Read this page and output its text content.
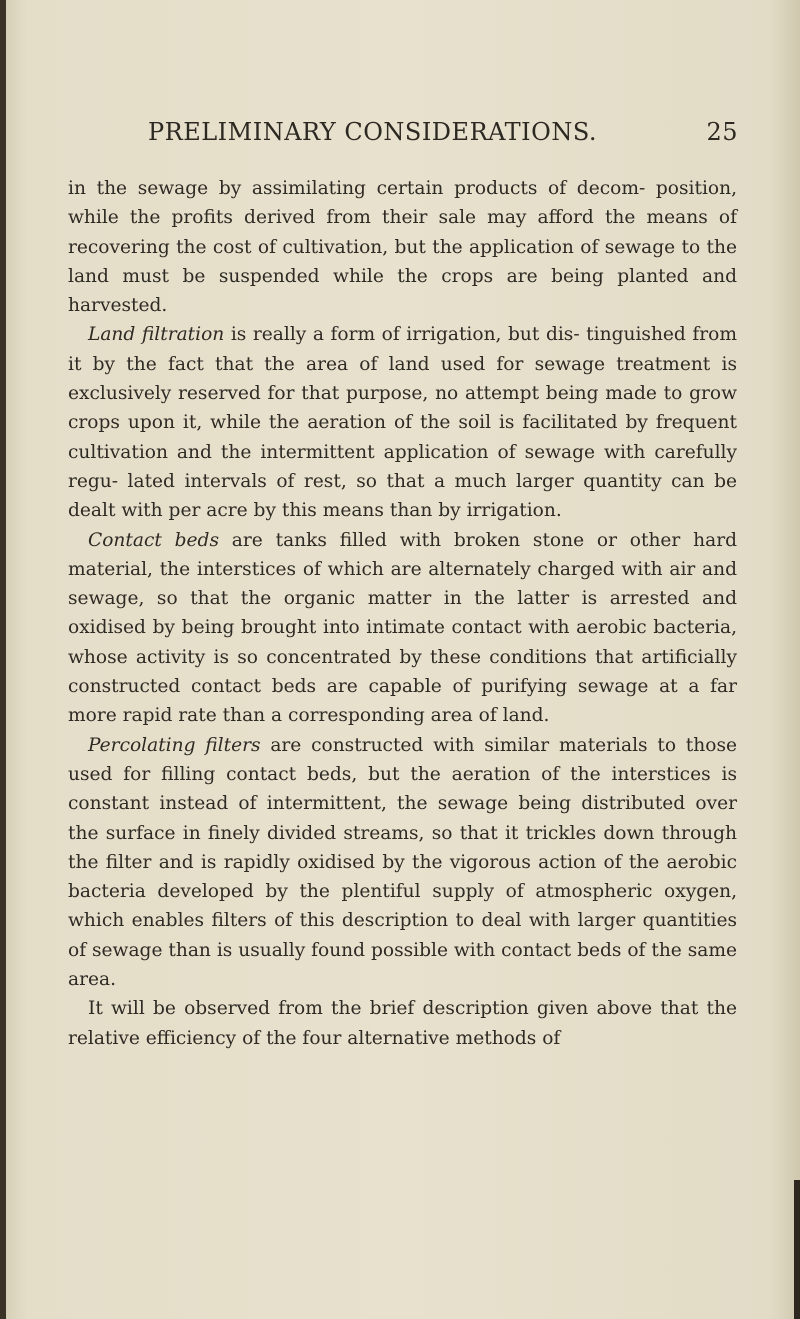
PRELIMINARY CONSIDERATIONS.	25

in the sewage by assimilating certain products of decom- position, while the profits derived from their sale may afford the means of recovering the cost of cultivation, but the application of sewage to the land must be suspended while the crops are being planted and harvested.

Land filtration is really a form of irrigation, but dis- tinguished from it by the fact that the area of land used for sewage treatment is exclusively reserved for that purpose, no attempt being made to grow crops upon it, while the aeration of the soil is facilitated by frequent cultivation and the intermittent application of sewage with carefully regu- lated intervals of rest, so that a much larger quantity can be dealt with per acre by this means than by irrigation.

Contact beds are tanks filled with broken stone or other hard material, the interstices of which are alternately charged with air and sewage, so that the organic matter in the latter is arrested and oxidised by being brought into intimate contact with aerobic bacteria, whose activity is so concentrated by these conditions that artificially constructed contact beds are capable of purifying sewage at a far more rapid rate than a corresponding area of land.

Percolating filters are constructed with similar materials to those used for filling contact beds, but the aeration of the interstices is constant instead of intermittent, the sewage being distributed over the surface in finely divided streams, so that it trickles down through the filter and is rapidly oxidised by the vigorous action of the aerobic bacteria developed by the plentiful supply of atmospheric oxygen, which enables filters of this description to deal with larger quantities of sewage than is usually found possible with contact beds of the same area.

It will be observed from the brief description given above that the relative efficiency of the four alternative methods of
